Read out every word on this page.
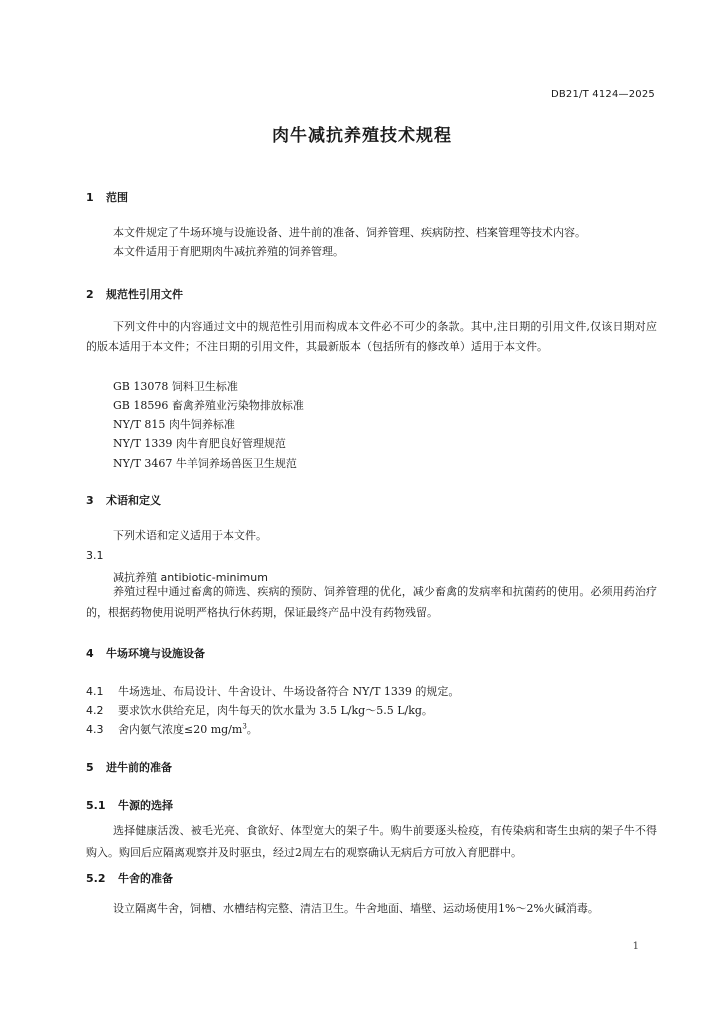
DB21/T 4124—2025
肉牛减抗养殖技术规程
1 范围
本文件规定了牛场环境与设施设备、进牛前的准备、饲养管理、疾病防控、档案管理等技术内容。
本文件适用于育肥期肉牛减抗养殖的饲养管理。
2 规范性引用文件
下列文件中的内容通过文中的规范性引用而构成本文件必不可少的条款。其中,注日期的引用文件,仅该日期对应的版本适用于本文件；不注日期的引用文件，其最新版本（包括所有的修改单）适用于本文件。
GB 13078 饲料卫生标准
GB 18596 畜禽养殖业污染物排放标准
NY/T 815 肉牛饲养标准
NY/T 1339 肉牛育肥良好管理规范
NY/T 3467 牛羊饲养场兽医卫生规范
3 术语和定义
下列术语和定义适用于本文件。
3.1
减抗养殖 antibiotic-minimum
养殖过程中通过畜禽的筛选、疾病的预防、饲养管理的优化，减少畜禽的发病率和抗菌药的使用。必须用药治疗的，根据药物使用说明严格执行休药期，保证最终产品中没有药物残留。
4 牛场环境与设施设备
4.1 牛场选址、布局设计、牛舍设计、牛场设备符合 NY/T 1339 的规定。
4.2 要求饮水供给充足，肉牛每天的饮水量为 3.5 L/kg～5.5 L/kg。
4.3 舍内氨气浓度≤20 $mg/m^3$。
5 进牛前的准备
5.1 牛源的选择
选择健康活泼、被毛光亮、食欲好、体型宽大的架子牛。购牛前要逐头检疫，有传染病和寄生虫病的架子牛不得购入。购回后应隔离观察并及时驱虫，经过2周左右的观察确认无病后方可放入育肥群中。
5.2 牛舍的准备
设立隔离牛舍，饲槽、水槽结构完整、清洁卫生。牛舍地面、墙壁、运动场使用1%～2%火碱消毒。
1
